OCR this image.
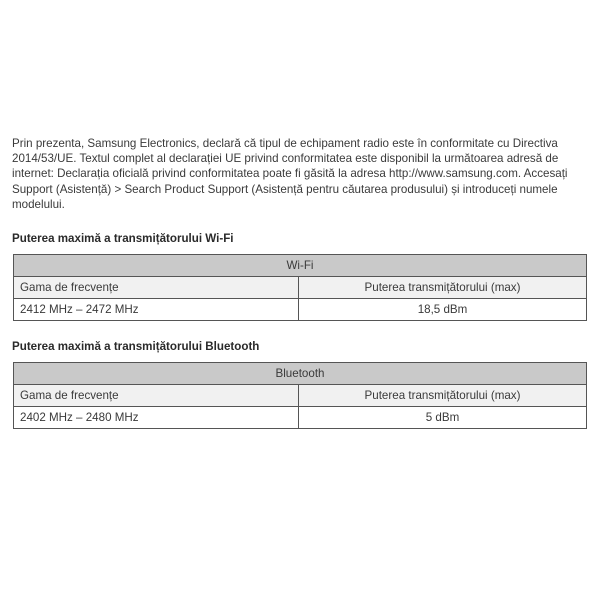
Prin prezenta, Samsung Electronics, declară că tipul de echipament radio este în conformitate cu Directiva 2014/53/UE. Textul complet al declarației UE privind conformitatea este disponibil la următoarea adresă de internet: Declarația oficială privind conformitatea poate fi găsită la adresa http://www.samsung.com. Accesați Support (Asistență) > Search Product Support (Asistență pentru căutarea produsului) și introduceți numele modelului.

Puterea maximă a transmițătorului Wi-Fi
Wi-Fi	
Gama de frecvențe	Puterea transmițătorului (max)
2412 MHz – 2472 MHz	18,5 dBm
Puterea maximă a transmițătorului Bluetooth
Bluetooth	
Gama de frecvențe	Puterea transmițătorului (max)
2402 MHz – 2480 MHz	5 dBm
